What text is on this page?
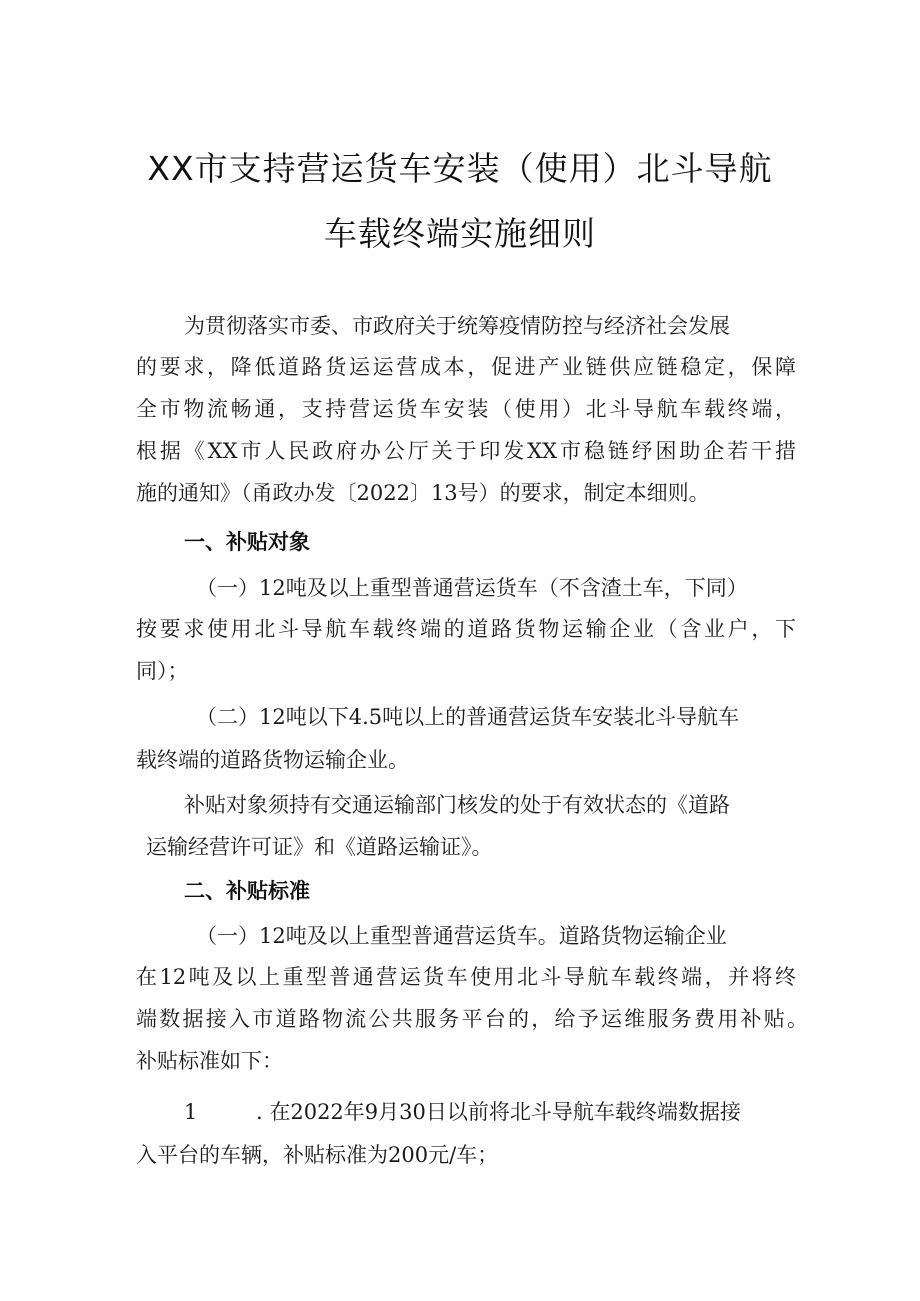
XX市支持营运货车安装（使用）北斗导航
车载终端实施细则
为贯彻落实市委、市政府关于统筹疫情防控与经济社会发展
的要求，降低道路货运运营成本，促进产业链供应链稳定，保障
全市物流畅通，支持营运货车安装（使用）北斗导航车载终端，
根据《XX市人民政府办公厅关于印发XX市稳链纾困助企若干措
施的通知》（甬政办发〔2022〕13号）的要求，制定本细则。
一、补贴对象
（一）12吨及以上重型普通营运货车（不含渣土车，下同）
按要求使用北斗导航车载终端的道路货物运输企业（含业户，下
同）；
（二）12吨以下4.5吨以上的普通营运货车安装北斗导航车
载终端的道路货物运输企业。
补贴对象须持有交通运输部门核发的处于有效状态的《道路
运输经营许可证》和《道路运输证》。
二、补贴标准
（一）12吨及以上重型普通营运货车。道路货物运输企业
在12吨及以上重型普通营运货车使用北斗导航车载终端，并将终
端数据接入市道路物流公共服务平台的，给予运维服务费用补贴。
补贴标准如下：
1	. 在2022年9月30日以前将北斗导航车载终端数据接
入平台的车辆，补贴标准为200元/车；
